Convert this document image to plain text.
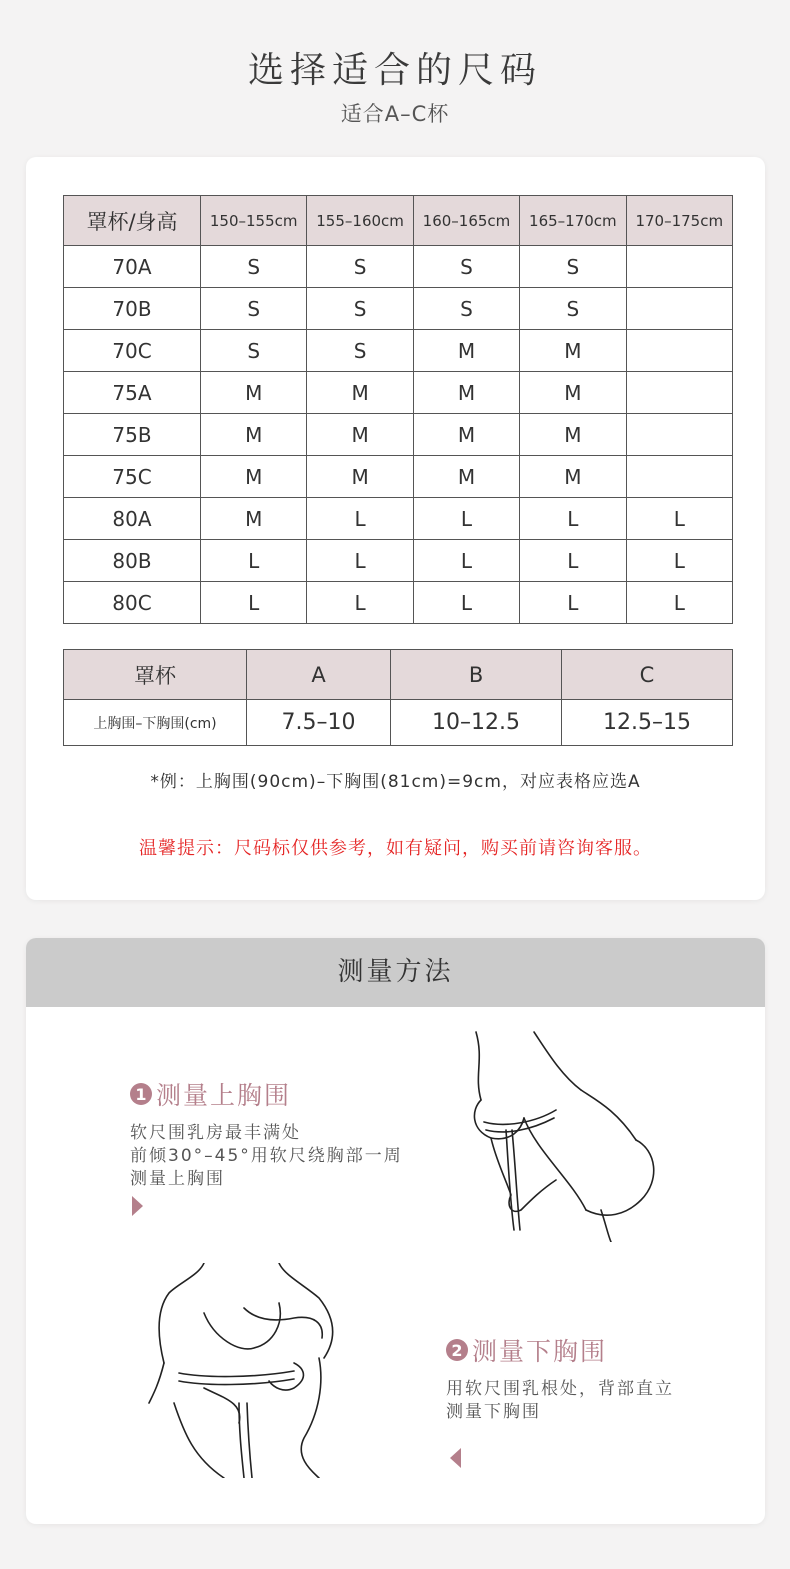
选择适合的尺码
适合A–C杯
罩杯/身高	150–155cm	155–160cm	160–165cm	165–170cm	170–175cm
70A	S	S	S	S	
70B	S	S	S	S	
70C	S	S	M	M	
75A	M	M	M	M	
75B	M	M	M	M	
75C	M	M	M	M	
80A	M	L	L	L	L
80B	L	L	L	L	L
80C	L	L	L	L	L
罩杯	A	B	C
上胸围–下胸围(cm)	7.5–10	10–12.5	12.5–15
*例：上胸围(90cm)–下胸围(81cm)=9cm，对应表格应选A
温馨提示：尺码标仅供参考，如有疑问，购买前请咨询客服。
测量方法
1 测量上胸围
软尺围乳房最丰满处
前倾30°–45°用软尺绕胸部一周
测量上胸围
2 测量下胸围
用软尺围乳根处，背部直立
测量下胸围
